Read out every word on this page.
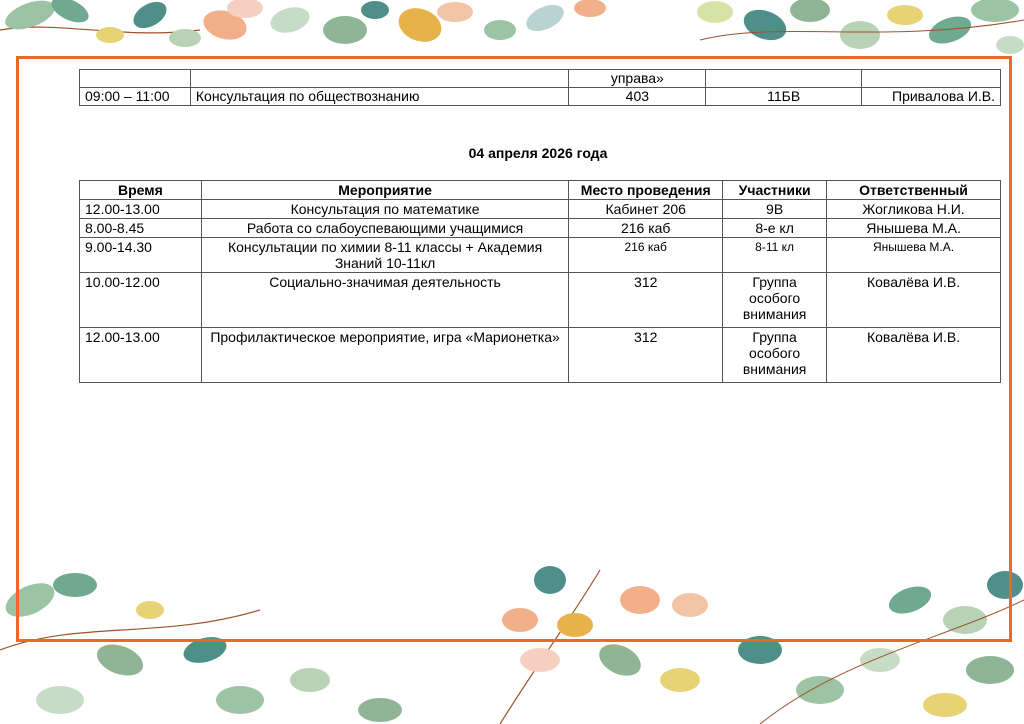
		управа»		
09:00 – 11:00	Консультация по обществознанию	403	11БВ	Привалова И.В.
04 апреля 2026 года
Время	Мероприятие	Место проведения	Участники	Ответственный
12.00-13.00	Консультация по математике	Кабинет 206	9В	Жогликова Н.И.
8.00-8.45	Работа со слабоуспевающими учащимися	216 каб	8-е кл	Янышева М.А.
9.00-14.30	Консультации по химии 8-11 классы + Академия Знаний 10-11кл	216 каб	8-11 кл	Янышева М.А.
10.00-12.00	Социально-значимая деятельность	312	Группа особого внимания	Ковалёва И.В.
12.00-13.00	Профилактическое мероприятие, игра «Марионетка»	312	Группа особого внимания	Ковалёва И.В.
